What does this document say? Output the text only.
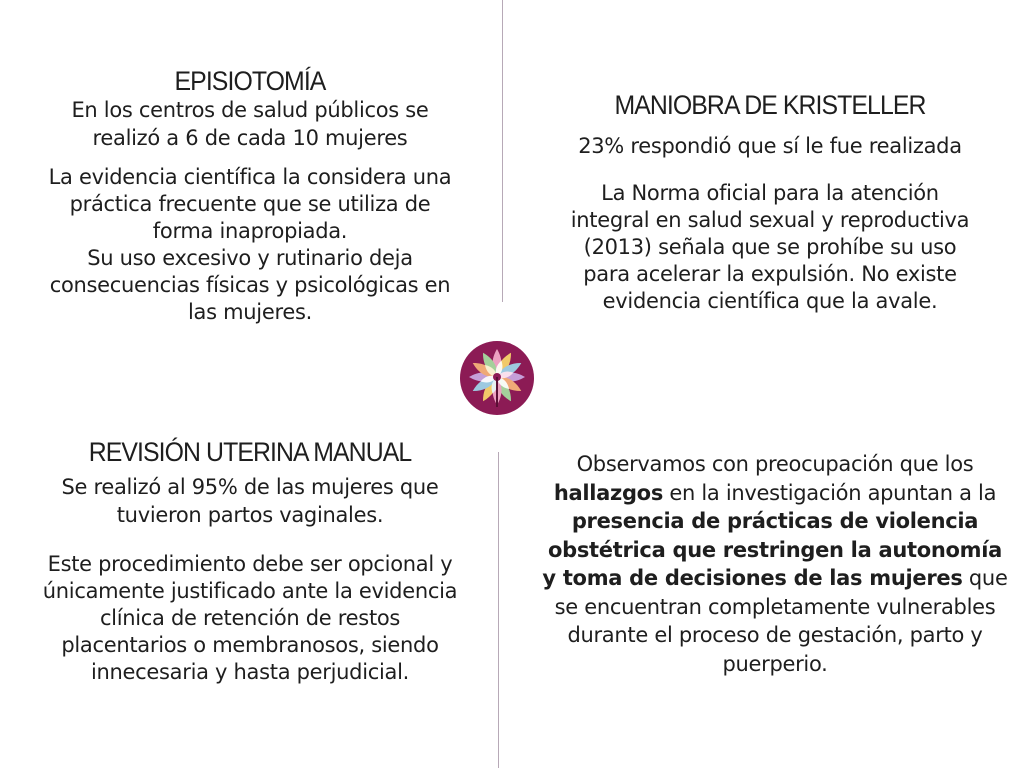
EPISIOTOMÍA

En los centros de salud públicos se realizó a 6 de cada 10 mujeres

La evidencia científica la considera una práctica frecuente que se utiliza de forma inapropiada.
Su uso excesivo y rutinario deja consecuencias físicas y psicológicas en las mujeres.

MANIOBRA DE KRISTELLER

23% respondió que sí le fue realizada

La Norma oficial para la atención integral en salud sexual y reproductiva (2013) señala que se prohíbe su uso para acelerar la expulsión. No existe evidencia científica que la avale.

REVISIÓN UTERINA MANUAL

Se realizó al 95% de las mujeres que tuvieron partos vaginales.

Este procedimiento debe ser opcional y únicamente justificado ante la evidencia clínica de retención de restos placentarios o membranosos, siendo innecesaria y hasta perjudicial.

Observamos con preocupación que los hallazgos en la investigación apuntan a la presencia de prácticas de violencia obstétrica que restringen la autonomía y toma de decisiones de las mujeres que se encuentran completamente vulnerables durante el proceso de gestación, parto y puerperio.
